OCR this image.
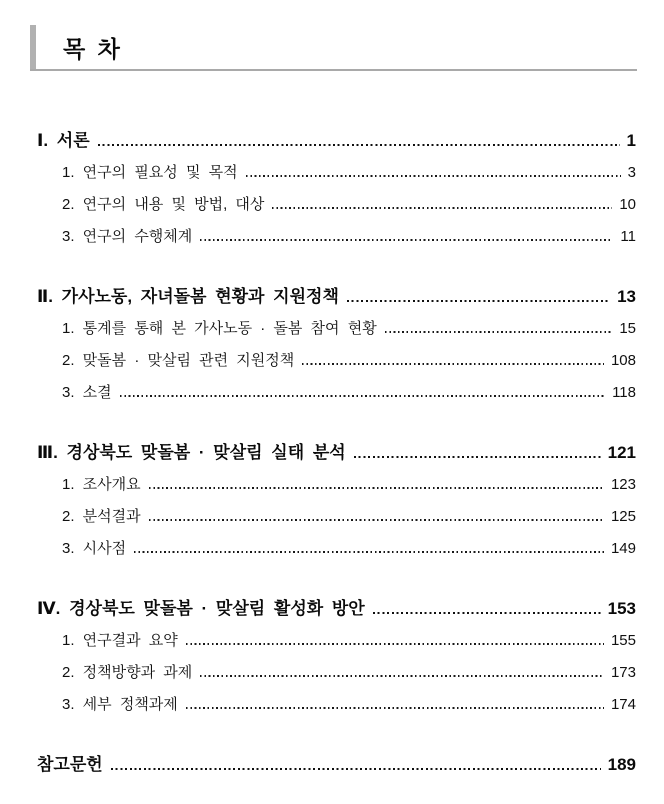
목 차
Ⅰ. 서론	1
1. 연구의 필요성 및 목적	3
2. 연구의 내용 및 방법, 대상	10
3. 연구의 수행체계	11
Ⅱ. 가사노동, 자녀돌봄 현황과 지원정책	13
1. 통계를 통해 본 가사노동 · 돌봄 참여 현황	15
2. 맞돌봄 · 맞살림 관련 지원정책	108
3. 소결	118
Ⅲ. 경상북도 맞돌봄 · 맞살림 실태 분석	121
1. 조사개요	123
2. 분석결과	125
3. 시사점	149
Ⅳ. 경상북도 맞돌봄 · 맞살림 활성화 방안	153
1. 연구결과 요약	155
2. 정책방향과 과제	173
3. 세부 정책과제	174
참고문헌	189
